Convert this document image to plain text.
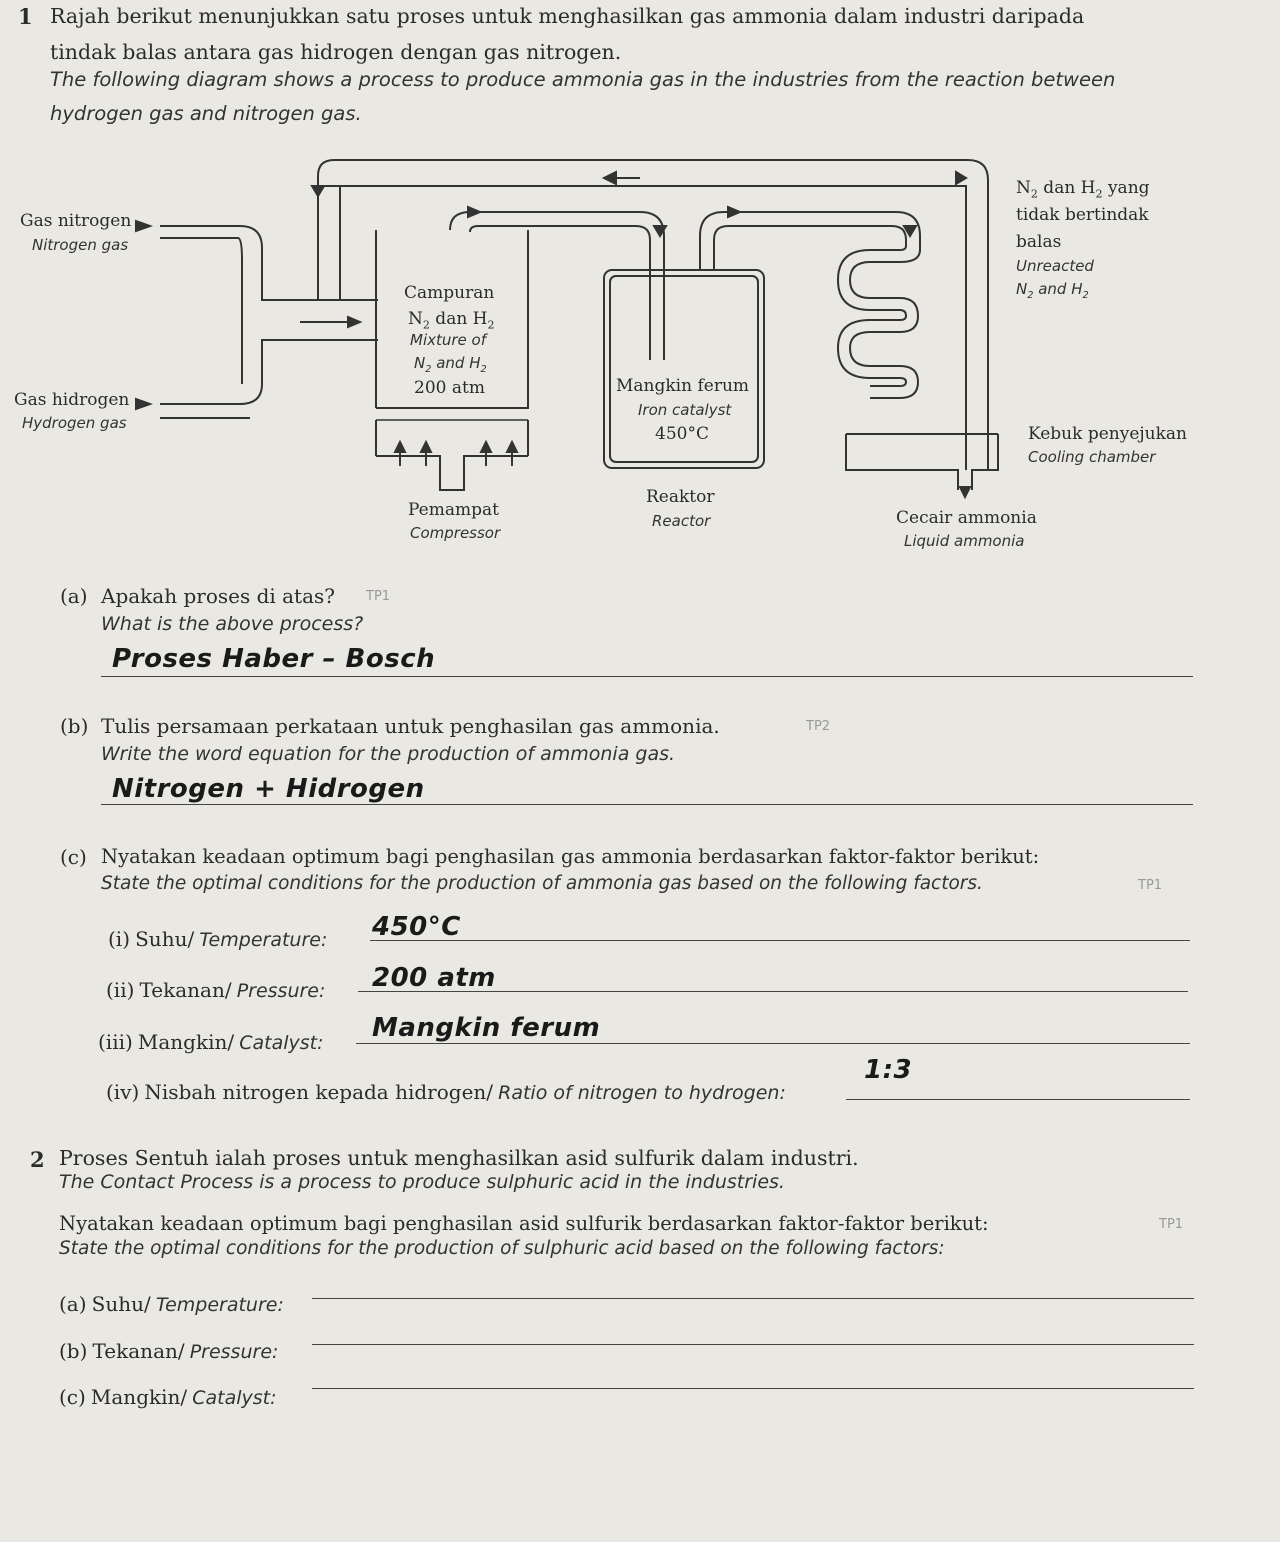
1 Rajah berikut menunjukkan satu proses untuk menghasilkan gas ammonia dalam industri daripada
tindak balas antara gas hidrogen dengan gas nitrogen.
The following diagram shows a process to produce ammonia gas in the industries from the reaction between
hydrogen gas and nitrogen gas.
Gas nitrogen
Nitrogen gas
Gas hidrogen
Hydrogen gas
Campuran
$N_2$ dan $H_2$
Mixture of
$N_2$ and $H_2$
200 atm
Pemampat
Compressor
Mangkin ferum
Iron catalyst
450°C
Reaktor
Reactor
$N_2$ dan $H_2$ yang
tidak bertindak
balas
Unreacted
$N_2$ and $H_2$
Kebuk penyejukan
Cooling chamber
Cecair ammonia
Liquid ammonia
(a) Apakah proses di atas? TP1
What is the above process?
Proses Haber – Bosch
(b) Tulis persamaan perkataan untuk penghasilan gas ammonia.	TP2
Write the word equation for the production of ammonia gas.
Nitrogen + Hidrogen
(c) Nyatakan keadaan optimum bagi penghasilan gas ammonia berdasarkan faktor-faktor berikut:
State the optimal conditions for the production of ammonia gas based on the following factors.	TP1
(i) Suhu/ Temperature: 450°C
(ii) Tekanan/ Pressure: 200 atm
(iii) Mangkin/ Catalyst: Mangkin ferum
(iv) Nisbah nitrogen kepada hidrogen/ Ratio of nitrogen to hydrogen:
1:3
2 Proses Sentuh ialah proses untuk menghasilkan asid sulfurik dalam industri.
The Contact Process is a process to produce sulphuric acid in the industries.
Nyatakan keadaan optimum bagi penghasilan asid sulfurik berdasarkan faktor-faktor berikut:	TP1
State the optimal conditions for the production of sulphuric acid based on the following factors:
(a) Suhu/ Temperature:
(b) Tekanan/ Pressure:
(c) Mangkin/ Catalyst:
